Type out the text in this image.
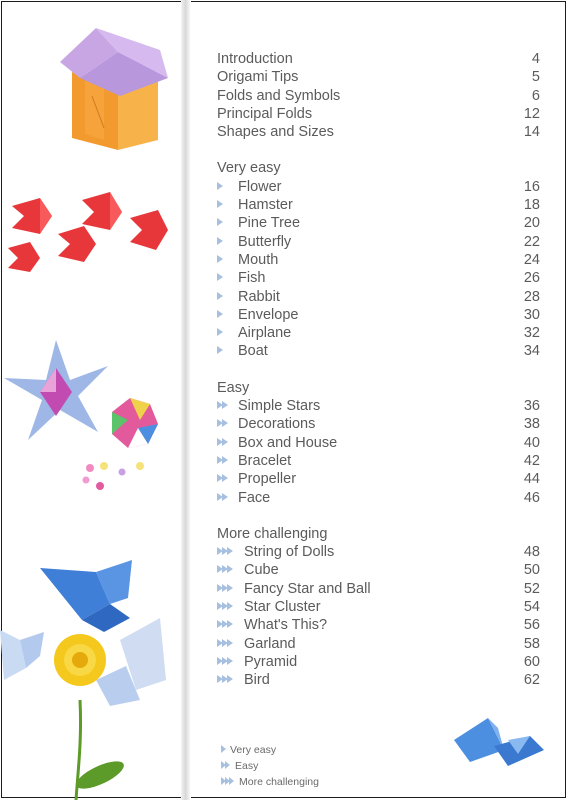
Introduction	4
Origami Tips	5
Folds and Symbols	6
Principal Folds	12
Shapes and Sizes	14
Very easy
Flower	16
Hamster	18
Pine Tree	20
Butterfly	22
Mouth	24
Fish	26
Rabbit	28
Envelope	30
Airplane	32
Boat	34
Easy
Simple Stars	36
Decorations	38
Box and House	40
Bracelet	42
Propeller	44
Face	46
More challenging
String of Dolls	48
Cube	50
Fancy Star and Ball	52
Star Cluster	54
What's This?	56
Garland	58
Pyramid	60
Bird	62
Very easy
Easy
More challenging
